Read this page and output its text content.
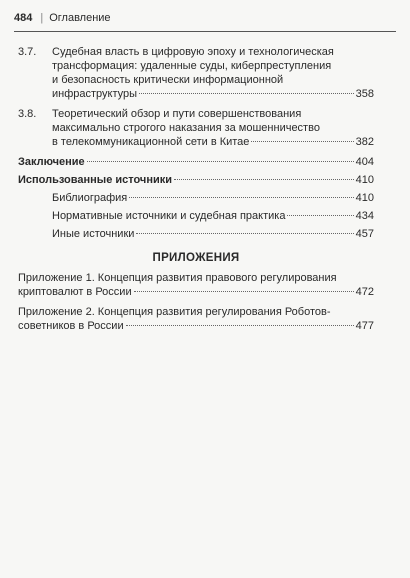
484 | Оглавление
3.7. Судебная власть в цифровую эпоху и технологическая
трансформация: удаленные суды, киберпреступления
и безопасность критически информационной
инфраструктуры	358
3.8. Теоретический обзор и пути совершенствования
максимально строгого наказания за мошенничество
в телекоммуникационной сети в Китае	382
Заключение	404
Использованные источники	410
Библиография	410
Нормативные источники и судебная практика	434
Иные источники	457
ПРИЛОЖЕНИЯ
Приложение 1. Концепция развития правового регулирования
криптовалют в России	472
Приложение 2. Концепция развития регулирования Роботов-
советников в России	477
